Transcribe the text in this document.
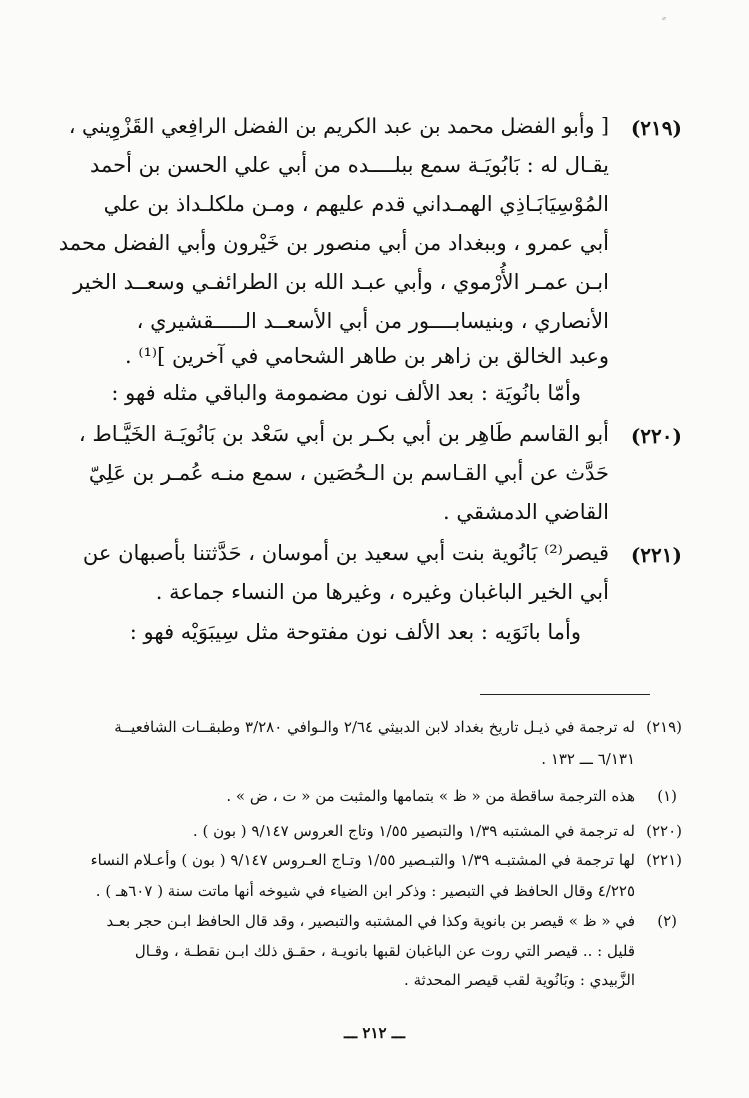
(٢١٩)
[ وأبو الفضل محمد بن عبد الكريم بن الفضل الرافِعي القَزْوِيني ،
يقـال له : بَابُويَـة سمع ببلــــده من أبي علي الحسن بن أحمد
المُوْسِيَابَـاذِي الهمـداني قدم عليهم ، ومـن ملكلـداذ بن علي
أبي عمرو ، وببغداد من أبي منصور بن خَيْرون وأبي الفضل محمد
ابـن عمـر الأُرْموي ، وأبي عبـد الله بن الطرائفـي وسعــد الخير
الأنصاري ، وبنيسابــــور من أبي الأسعــد الـــــقشيري ،
وعبد الخالق بن زاهر بن طاهر الشحامي في آخرين ]⁽¹⁾ .
وأمّا بانُويَة : بعد الألف نون مضمومة والباقي مثله فهو :
(٢٢٠)
أبو القاسم طَاهِر بن أبي بكـر بن أبي سَعْد بن بَانُويَـة الخَيَّـاط ،
حَدَّث عن أبي القـاسم بن الـحُصَين ، سمع منـه عُمـر بن عَلِيّ
القاضي الدمشقي .
(٢٢١)
قيصر⁽²⁾ بَانُوية بنت أبي سعيد بن أموسان ، حَدَّثتنا بأصبهان عن
أبي الخير الباغبان وغيره ، وغيرها من النساء جماعة .
وأما بانَوَيه : بعد الألف نون مفتوحة مثل سِيبَوَيْه فهو :
(٢١٩)
له ترجمة في ذيـل تاريخ بغداد لابن الدبيثي ٢/٦٤ والـوافي ٣/٢٨٠ وطبقــات الشافعيــة
٦/١٣١ ـــ ١٣٢ .
(١)
هذه الترجمة ساقطة من « ظ » بتمامها والمثبت من « ت ، ض » .
(٢٢٠)
له ترجمة في المشتبه ١/٣٩ والتبصير ١/٥٥ وتاج العروس ٩/١٤٧ ( بون ) .
(٢٢١)
لها ترجمة في المشتبـه ١/٣٩ والتبـصير ١/٥٥ وتـاج العـروس ٩/١٤٧ ( بون ) وأعـلام النساء
٤/٢٢٥ وقال الحافظ في التبصير : وذكر ابن الضياء في شيوخه أنها ماتت سنة ( ٦٠٧هـ ) .
(٢)
في « ظ » قيصر بن بانوية وكذا في المشتبه والتبصير ، وقد قال الحافظ ابـن حجر بعـد
قليل : .. قيصر التي روت عن الباغبان لقبها بانويـة ، حقـق ذلك ابـن نقطـة ، وقـال
الزَّبيدي : وبَانُوية لقب قيصر المحدثة .
ـــ ٢١٢ ـــ
